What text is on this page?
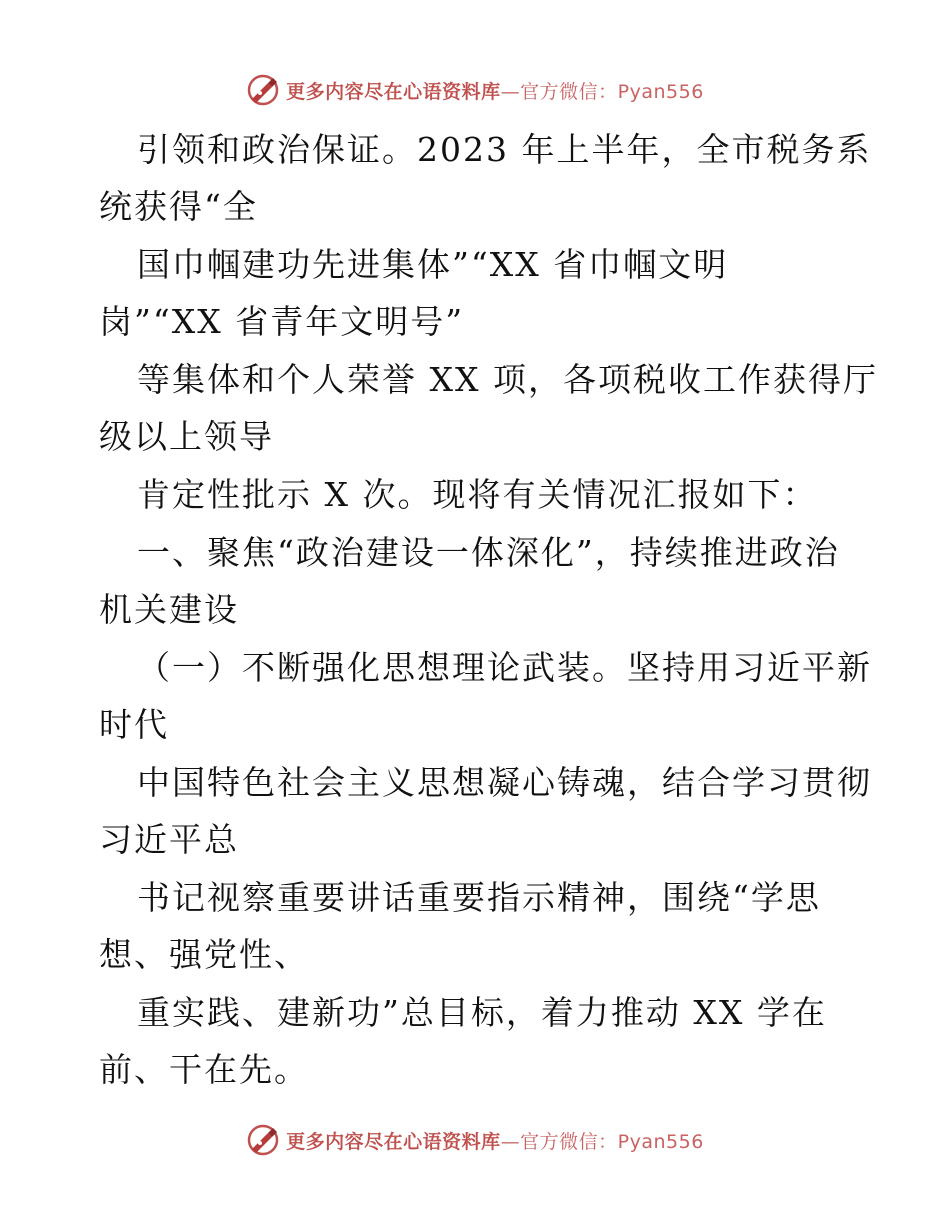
更多内容尽在心语资料库—官方微信：Pyan556
引领和政治保证。2023 年上半年，全市税务系
统获得“全
国巾帼建功先进集体”“XX 省巾帼文明
岗”“XX 省青年文明号”
等集体和个人荣誉 XX 项，各项税收工作获得厅
级以上领导
肯定性批示 X 次。现将有关情况汇报如下：
一、聚焦“政治建设一体深化”，持续推进政治
机关建设
（一）不断强化思想理论武装。坚持用习近平新
时代
中国特色社会主义思想凝心铸魂，结合学习贯彻
习近平总
书记视察重要讲话重要指示精神，围绕“学思
想、强党性、
重实践、建新功”总目标，着力推动 XX 学在
前、干在先。
更多内容尽在心语资料库—官方微信：Pyan556
